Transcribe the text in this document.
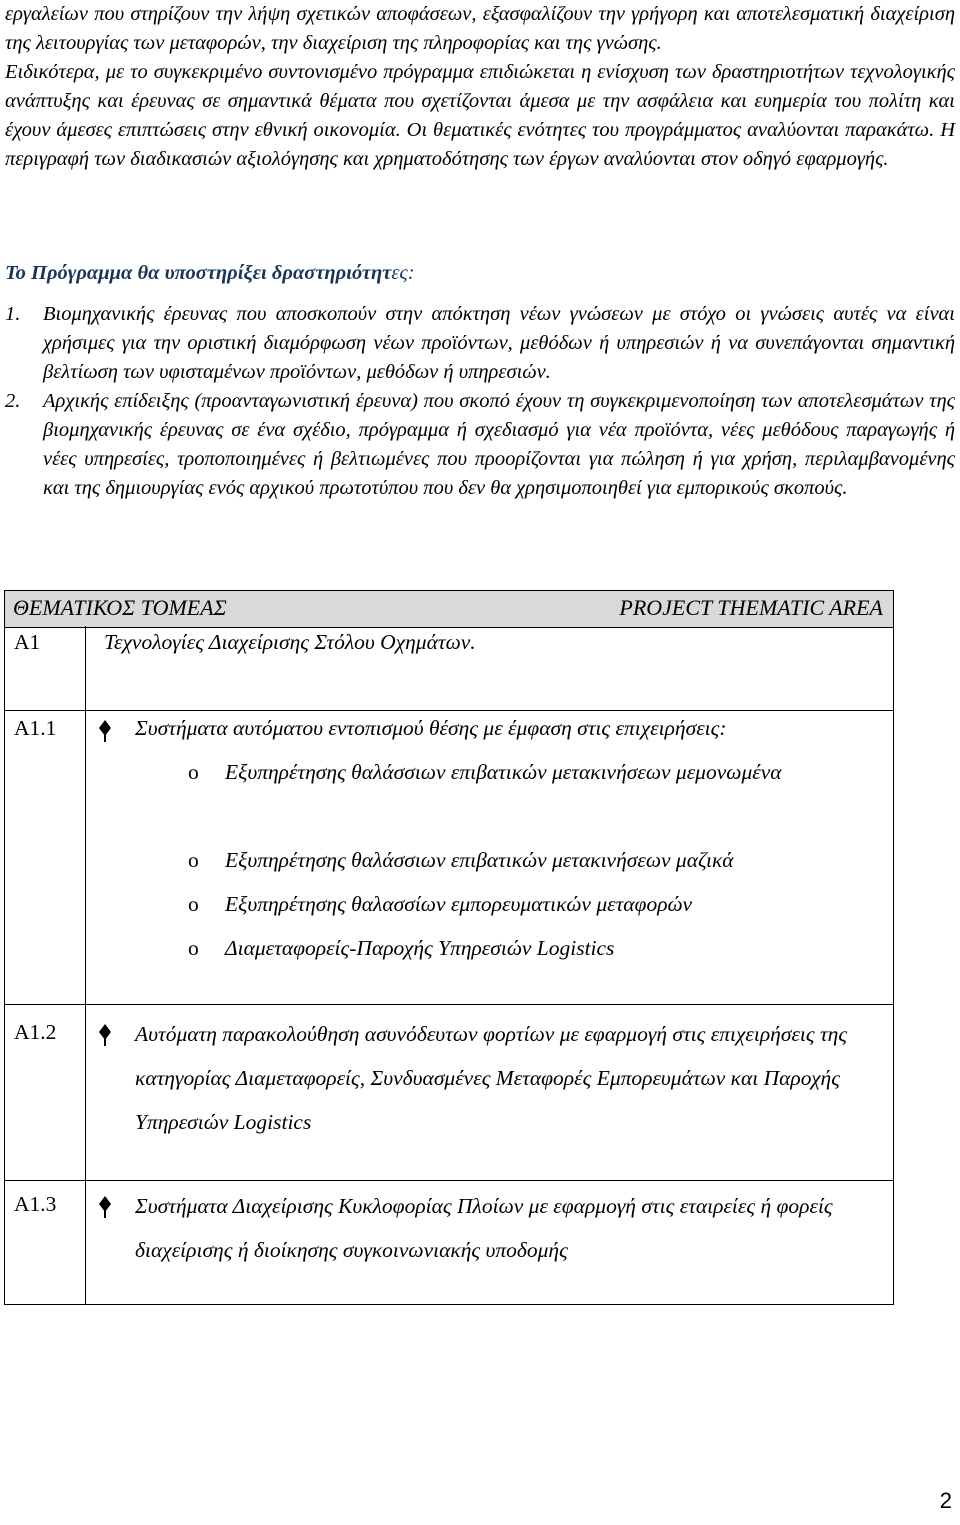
εργαλείων που στηρίζουν την λήψη σχετικών αποφάσεων, εξασφαλίζουν την γρήγορη και αποτελεσματική διαχείριση της λειτουργίας των μεταφορών, την διαχείριση της πληροφορίας και της γνώσης.

Ειδικότερα, με το συγκεκριμένο συντονισμένο πρόγραμμα επιδιώκεται η ενίσχυση των δραστηριοτήτων τεχνολογικής ανάπτυξης και έρευνας σε σημαντικά θέματα που σχετίζονται άμεσα με την ασφάλεια και ευημερία του πολίτη και έχουν άμεσες επιπτώσεις στην εθνική οικονομία. Οι θεματικές ενότητες του προγράμματος αναλύονται παρακάτω. Η περιγραφή των διαδικασιών αξιολόγησης και χρηματοδότησης των έργων αναλύονται στον οδηγό εφαρμογής.

Το Πρόγραμμα θα υποστηρίξει δραστηριότητες:
1.	Βιομηχανικής έρευνας που αποσκοπούν στην απόκτηση νέων γνώσεων με στόχο οι γνώσεις αυτές να είναι χρήσιμες για την οριστική διαμόρφωση νέων προϊόντων, μεθόδων ή υπηρεσιών ή να συνεπάγονται σημαντική βελτίωση των υφισταμένων προϊόντων, μεθόδων ή υπηρεσιών.
2.	Αρχικής επίδειξης (προανταγωνιστική έρευνα) που σκοπό έχουν τη συγκεκριμενοποίηση των αποτελεσμάτων της βιομηχανικής έρευνας σε ένα σχέδιο, πρόγραμμα ή σχεδιασμό για νέα προϊόντα, νέες μεθόδους παραγωγής ή νέες υπηρεσίες, τροποποιημένες ή βελτιωμένες που προορίζονται για πώληση ή για χρήση, περιλαμβανομένης και της δημιουργίας ενός αρχικού πρωτοτύπου που δεν θα χρησιμοποιηθεί για εμπορικούς σκοπούς.
ΘΕΜΑΤΙΚΟΣ ΤΟΜΕΑΣ	PROJECT THEMATIC AREA
Α1	Τεχνολογίες Διαχείρισης Στόλου Οχημάτων.
Α1.1	Συστήματα αυτόματου εντοπισμού θέσης με έμφαση στις επιχειρήσεις:
o Εξυπηρέτησης θαλάσσιων επιβατικών μετακινήσεων μεμονωμένα
o Εξυπηρέτησης θαλάσσιων επιβατικών μετακινήσεων μαζικά
o Εξυπηρέτησης θαλασσίων εμπορευματικών μεταφορών
o Διαμεταφορείς-Παροχής Υπηρεσιών Logistics
Α1.2	Αυτόματη παρακολούθηση ασυνόδευτων φορτίων με εφαρμογή στις επιχειρήσεις της κατηγορίας Διαμεταφορείς, Συνδυασμένες Μεταφορές Εμπορευμάτων και Παροχής Υπηρεσιών Logistics
Α1.3	Συστήματα Διαχείρισης Κυκλοφορίας Πλοίων με εφαρμογή στις εταιρείες ή φορείς διαχείρισης ή διοίκησης συγκοινωνιακής υποδομής
2
